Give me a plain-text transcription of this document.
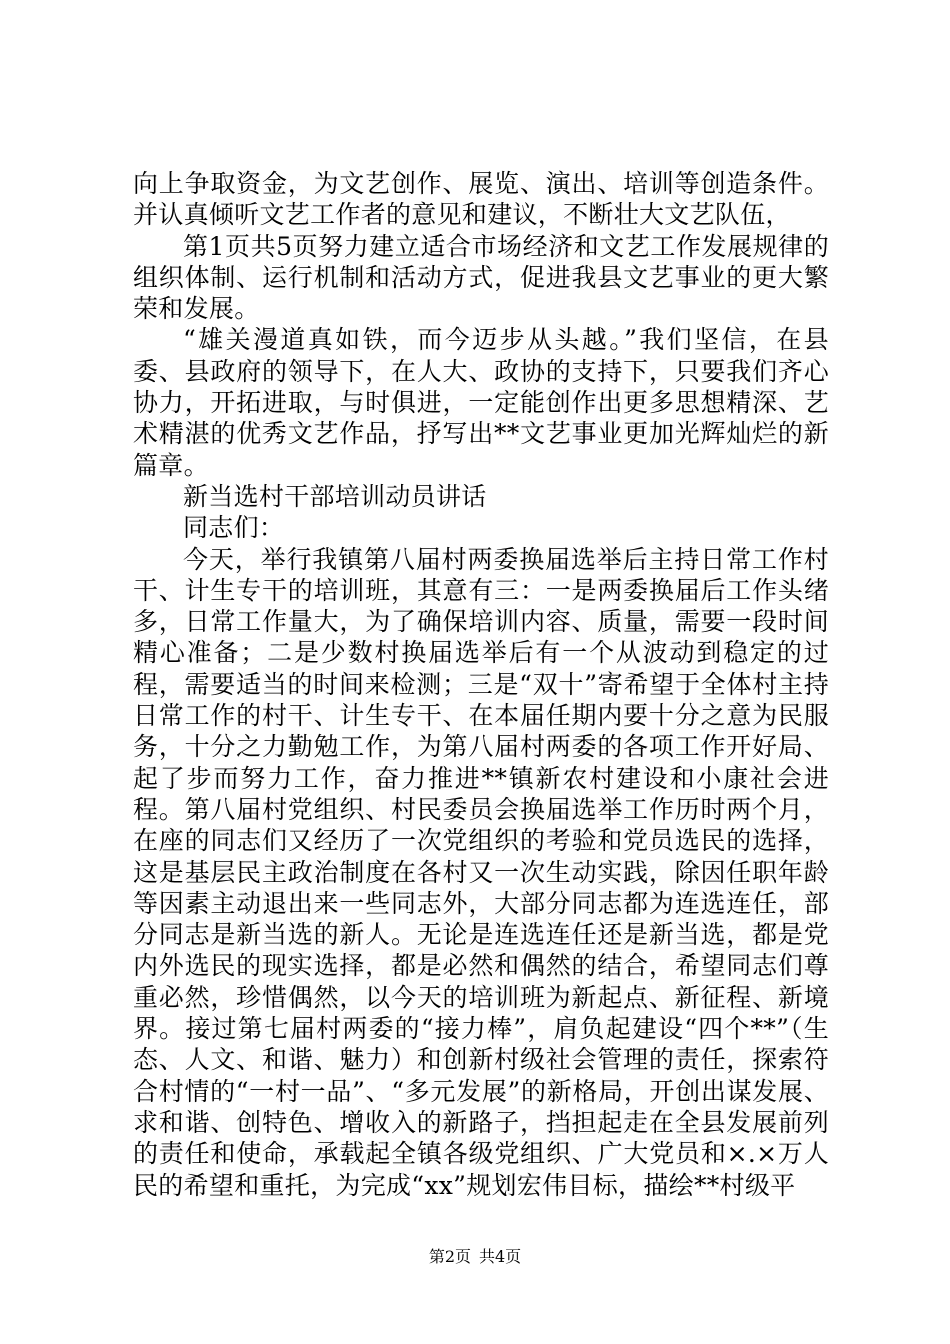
向上争取资金，为文艺创作、展览、演出、培训等创造条件。并认真倾听文艺工作者的意见和建议，不断壮大文艺队伍，

第1页共5页努力建立适合市场经济和文艺工作发展规律的组织体制、运行机制和活动方式，促进我县文艺事业的更大繁荣和发展。

“雄关漫道真如铁，而今迈步从头越。”我们坚信，在县委、县政府的领导下，在人大、政协的支持下，只要我们齐心协力，开拓进取，与时俱进，一定能创作出更多思想精深、艺术精湛的优秀文艺作品，抒写出**文艺事业更加光辉灿烂的新篇章。

新当选村干部培训动员讲话

同志们：

今天，举行我镇第八届村两委换届选举后主持日常工作村干、计生专干的培训班，其意有三：一是两委换届后工作头绪多，日常工作量大，为了确保培训内容、质量，需要一段时间精心准备；二是少数村换届选举后有一个从波动到稳定的过程，需要适当的时间来检测；三是“双十”寄希望于全体村主持日常工作的村干、计生专干、在本届任期内要十分之意为民服务，十分之力勤勉工作，为第八届村两委的各项工作开好局、起了步而努力工作，奋力推进**镇新农村建设和小康社会进程。第八届村党组织、村民委员会换届选举工作历时两个月，在座的同志们又经历了一次党组织的考验和党员选民的选择，这是基层民主政治制度在各村又一次生动实践，除因任职年龄等因素主动退出来一些同志外，大部分同志都为连选连任，部分同志是新当选的新人。无论是连选连任还是新当选，都是党内外选民的现实选择，都是必然和偶然的结合，希望同志们尊重必然，珍惜偶然，以今天的培训班为新起点、新征程、新境界。接过第七届村两委的“接力棒”，肩负起建设“四个**”（生态、人文、和谐、魅力）和创新村级社会管理的责任，探索符合村情的“一村一品”、“多元发展”的新格局，开创出谋发展、求和谐、创特色、增收入的新路子，挡担起走在全县发展前列的责任和使命，承载起全镇各级党组织、广大党员和×.×万人民的希望和重托，为完成“xx”规划宏伟目标，描绘**村级平

第2页 共4页
